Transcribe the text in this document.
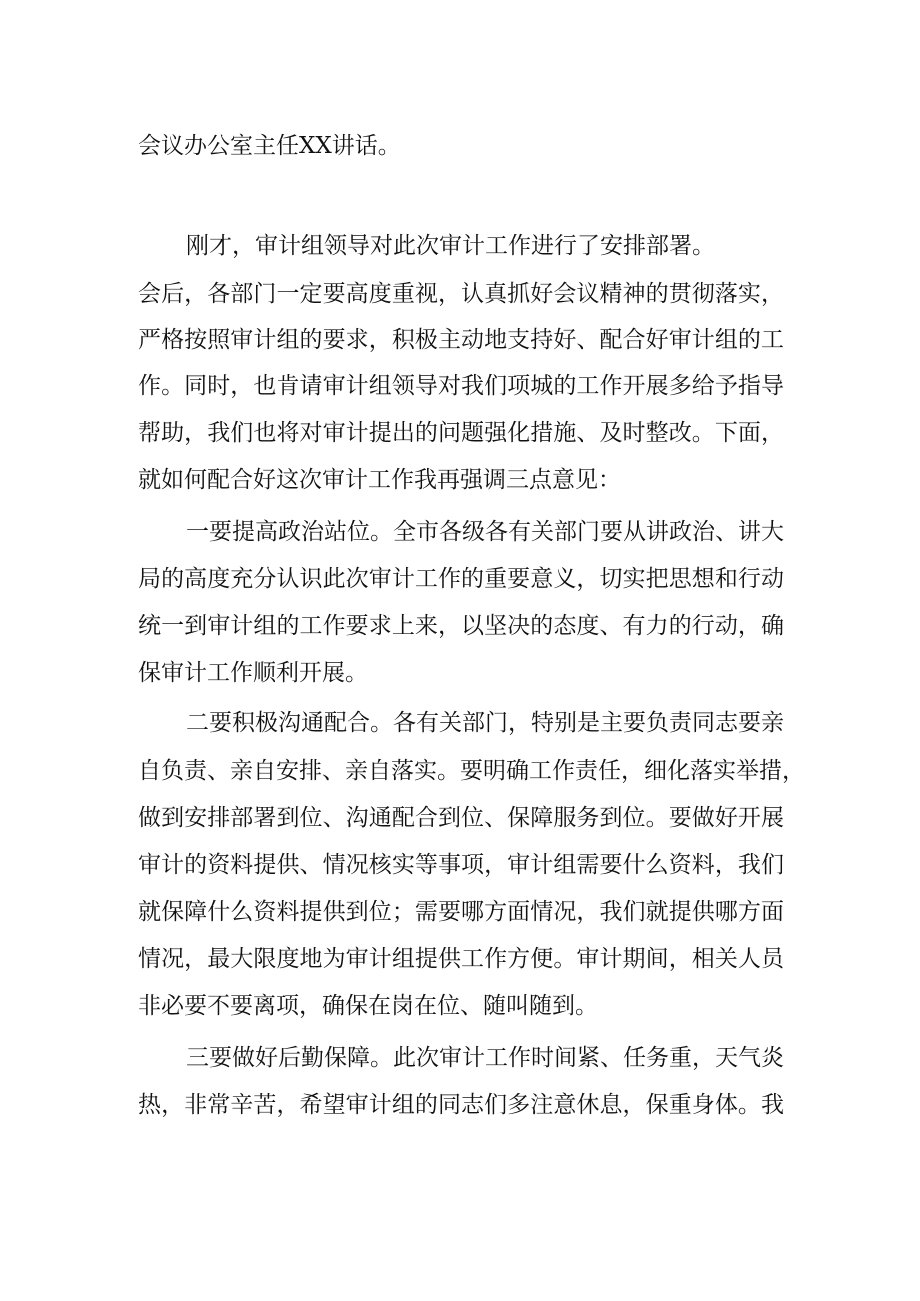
会议办公室主任XX讲话。
刚才，审计组领导对此次审计工作进行了安排部署。
会后，各部门一定要高度重视，认真抓好会议精神的贯彻落实，
严格按照审计组的要求，积极主动地支持好、配合好审计组的工
作。同时，也肯请审计组领导对我们项城的工作开展多给予指导
帮助，我们也将对审计提出的问题强化措施、及时整改。下面，
就如何配合好这次审计工作我再强调三点意见：
一要提高政治站位。全市各级各有关部门要从讲政治、讲大
局的高度充分认识此次审计工作的重要意义，切实把思想和行动
统一到审计组的工作要求上来，以坚决的态度、有力的行动，确
保审计工作顺利开展。
二要积极沟通配合。各有关部门，特别是主要负责同志要亲
自负责、亲自安排、亲自落实。要明确工作责任，细化落实举措，
做到安排部署到位、沟通配合到位、保障服务到位。要做好开展
审计的资料提供、情况核实等事项，审计组需要什么资料，我们
就保障什么资料提供到位；需要哪方面情况，我们就提供哪方面
情况，最大限度地为审计组提供工作方便。审计期间，相关人员
非必要不要离项，确保在岗在位、随叫随到。
三要做好后勤保障。此次审计工作时间紧、任务重，天气炎
热，非常辛苦，希望审计组的同志们多注意休息，保重身体。我
